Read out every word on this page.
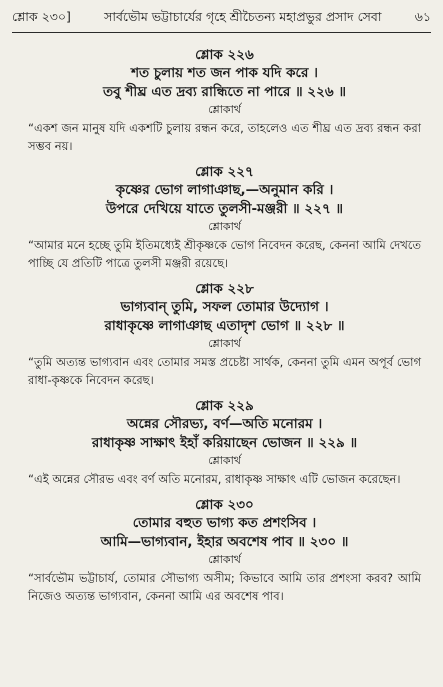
শ্লোক ২৩০]	সার্বভৌম ভট্টাচার্যের গৃহে শ্রীচৈতন্য মহাপ্রভুর প্রসাদ সেবা	৬১
শ্লোক ২২৬
শত চুলায় শত জন পাক যদি করে ।
তবু শীঘ্র এত দ্রব্য রান্ধিতে না পারে ॥ ২২৬ ॥
শ্লোকার্থ
“একশ জন মানুষ যদি একশটি চুলায় রন্ধন করে, তাহলেও এত শীঘ্র এত দ্রব্য রন্ধন করা সম্ভব নয়।
শ্লোক ২২৭
কৃষ্ণের ভোগ লাগাঞাছ,—অনুমান করি ।
উপরে দেখিয়ে যাতে তুলসী-মঞ্জরী ॥ ২২৭ ॥
শ্লোকার্থ
“আমার মনে হচ্ছে তুমি ইতিমধ্যেই শ্রীকৃষ্ণকে ভোগ নিবেদন করেছ, কেননা আমি দেখতে পাচ্ছি যে প্রতিটি পাত্রে তুলসী মঞ্জরী রয়েছে।
শ্লোক ২২৮
ভাগ্যবান্ তুমি, সফল তোমার উদ্যোগ ।
রাধাকৃষ্ণে লাগাঞাছ এতাদৃশ ভোগ ॥ ২২৮ ॥
শ্লোকার্থ
“তুমি অত্যন্ত ভাগ্যবান এবং তোমার সমস্ত প্রচেষ্টা সার্থক, কেননা তুমি এমন অপূর্ব ভোগ রাধা-কৃষ্ণকে নিবেদন করেছ।
শ্লোক ২২৯
অন্নের সৌরভ্য, বর্ণ—অতি মনোরম ।
রাধাকৃষ্ণ সাক্ষাৎ ইহাঁ করিয়াছেন ভোজন ॥ ২২৯ ॥
শ্লোকার্থ
“এই অন্নের সৌরভ এবং বর্ণ অতি মনোরম, রাধাকৃষ্ণ সাক্ষাৎ এটি ভোজন করেছেন।
শ্লোক ২৩০
তোমার বহুত ভাগ্য কত প্রশংসিব ।
আমি—ভাগ্যবান, ইহার অবশেষ পাব ॥ ২৩০ ॥
শ্লোকার্থ
“সার্বভৌম ভট্টাচার্য, তোমার সৌভাগ্য অসীম; কিভাবে আমি তার প্রশংসা করব? আমি নিজেও অত্যন্ত ভাগ্যবান, কেননা আমি এর অবশেষ পাব।
